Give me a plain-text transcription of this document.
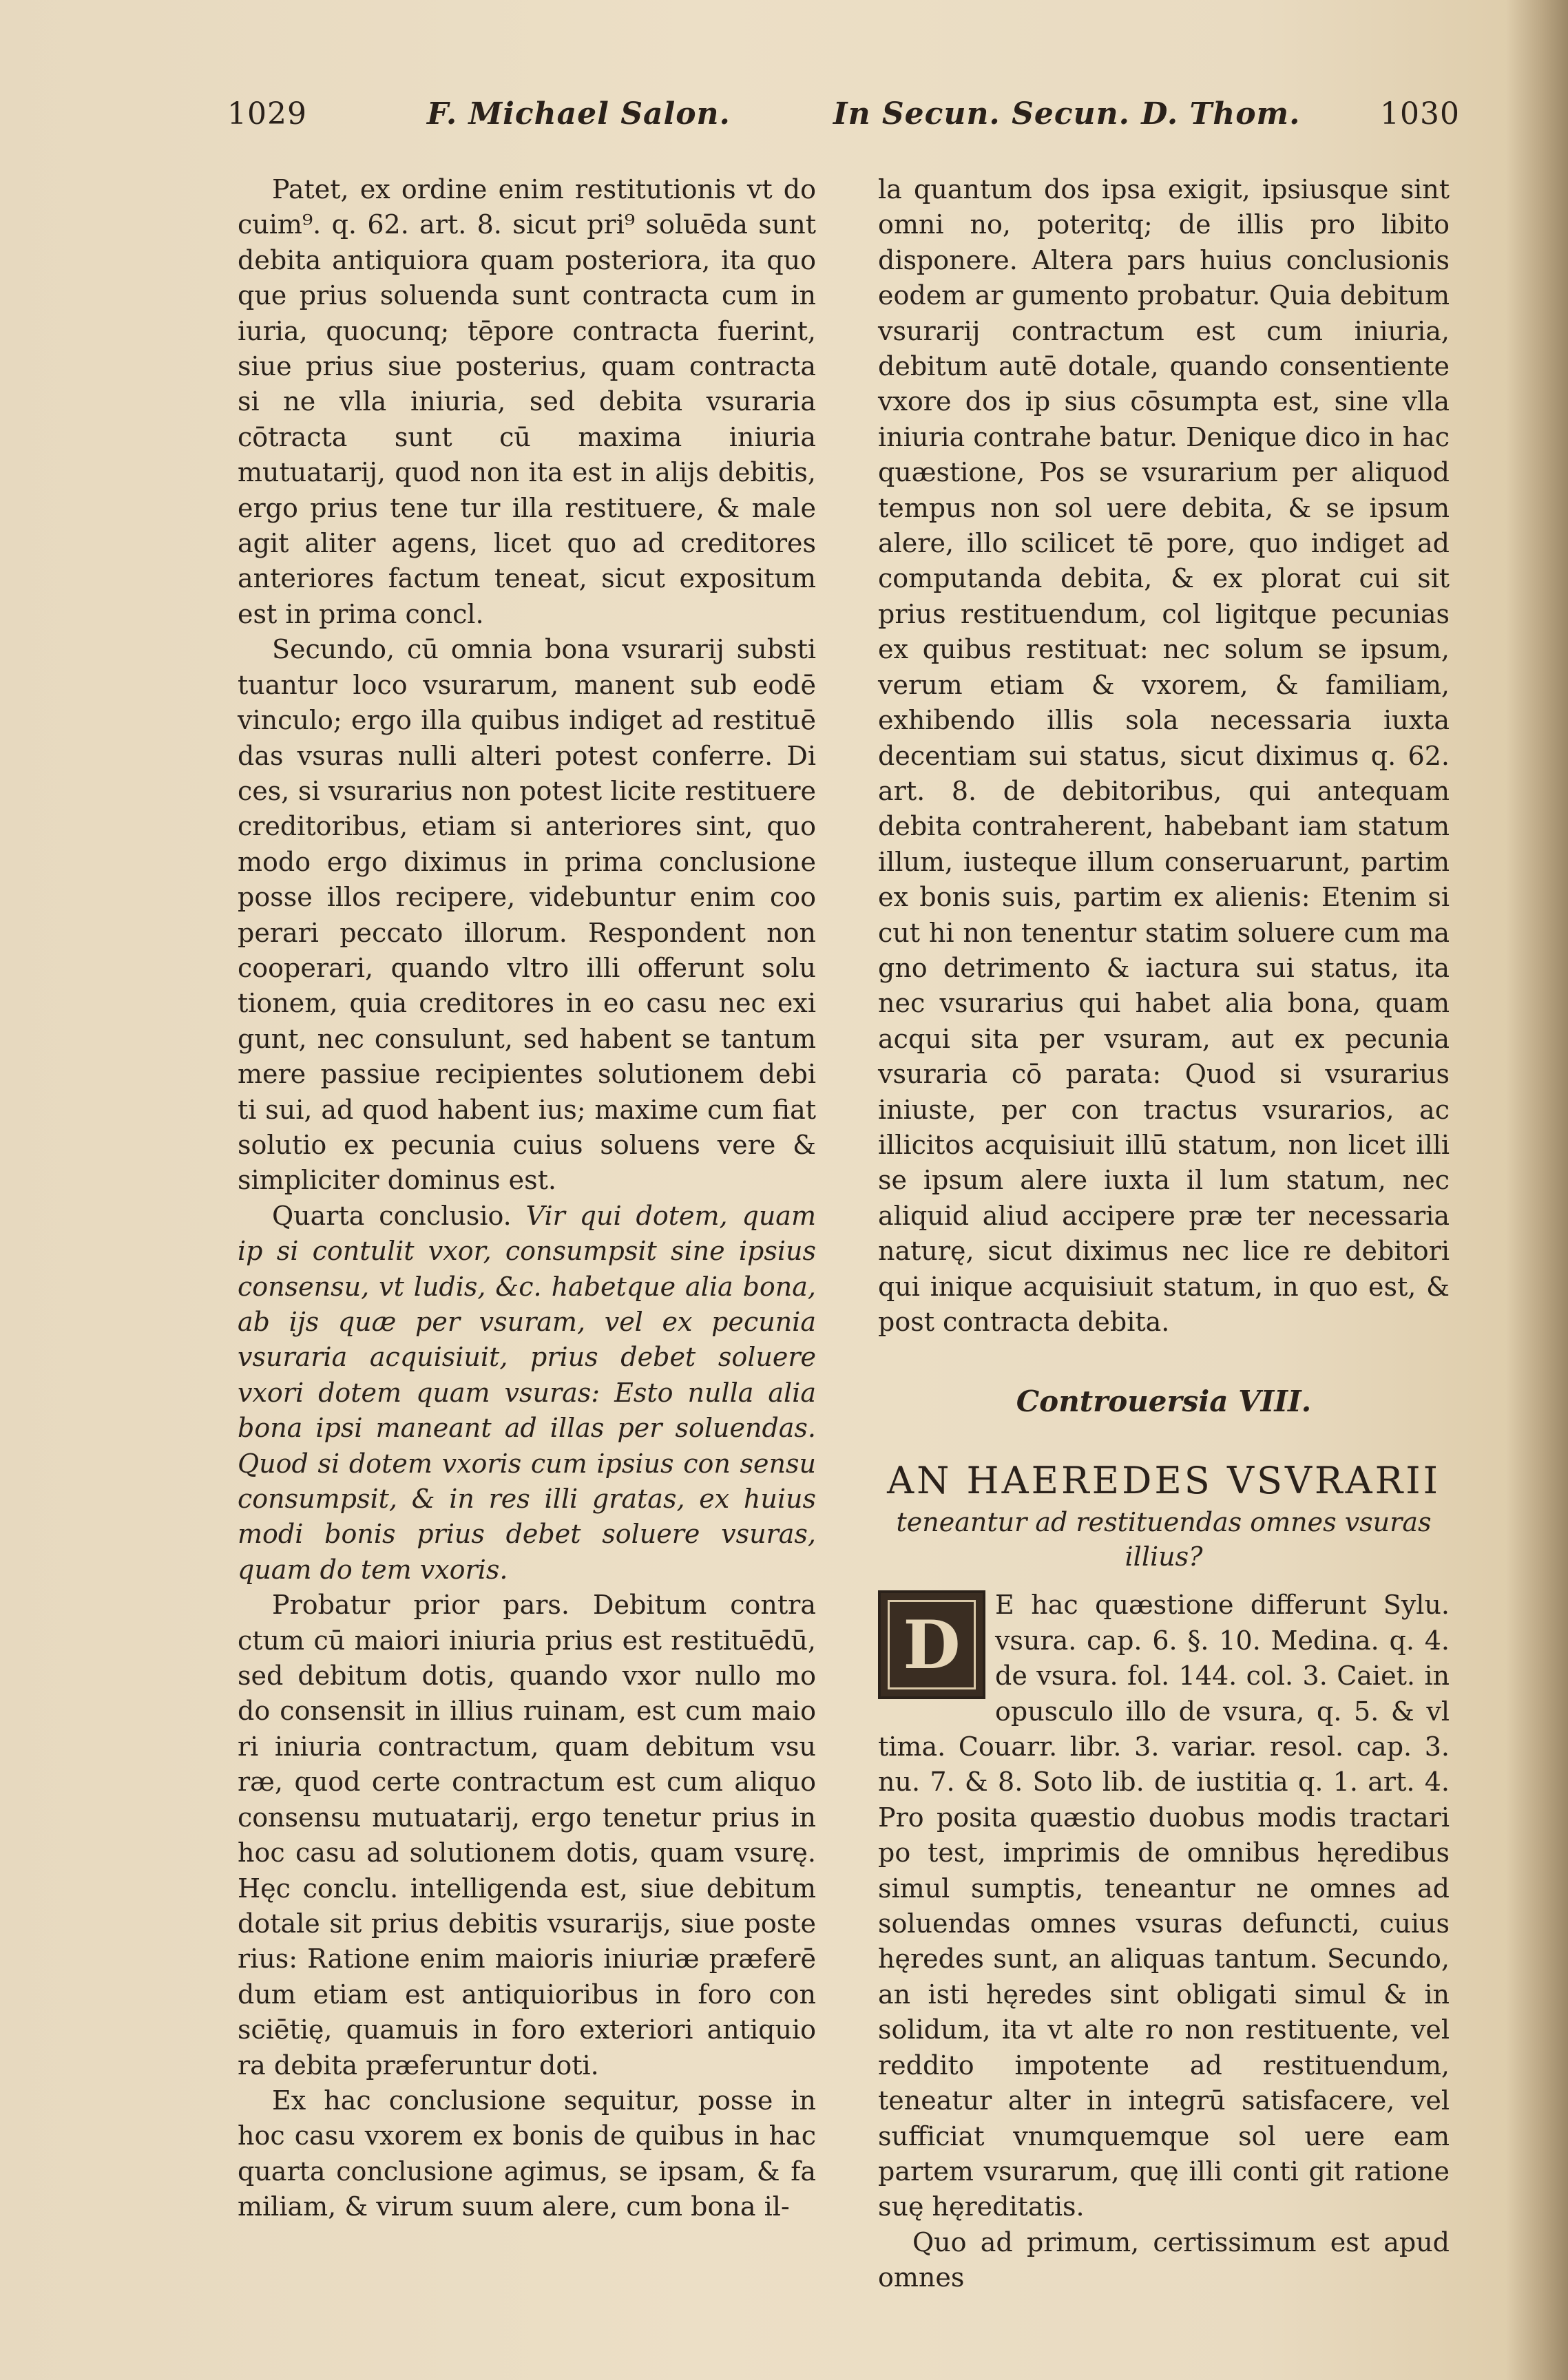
1029	F. Michael Salon.	In Secun. Secun. D. Thom.	1030

Patet, ex ordine enim restitutionis vt do cuim⁹. q. 62. art. 8. sicut pri⁹ soluēda sunt debita antiquiora quam posteriora, ita quo que prius soluenda sunt contracta cum in iuria, quocunq; tēpore contracta fuerint, siue prius siue posterius, quam contracta si ne vlla iniuria, sed debita vsuraria cōtracta sunt cū maxima iniuria mutuatarij, quod non ita est in alijs debitis, ergo prius tene tur illa restituere, & male agit aliter agens, licet quo ad creditores anteriores factum teneat, sicut expositum est in prima concl.

Secundo, cū omnia bona vsurarij substi tuantur loco vsurarum, manent sub eodē vinculo; ergo illa quibus indiget ad restituē das vsuras nulli alteri potest conferre. Di ces, si vsurarius non potest licite restituere creditoribus, etiam si anteriores sint, quo modo ergo diximus in prima conclusione posse illos recipere, videbuntur enim coo perari peccato illorum. Respondent non cooperari, quando vltro illi offerunt solu tionem, quia creditores in eo casu nec exi gunt, nec consulunt, sed habent se tantum mere passiue recipientes solutionem debi ti sui, ad quod habent ius; maxime cum fiat solutio ex pecunia cuius soluens vere & simpliciter dominus est.

Quarta conclusio. Vir qui dotem, quam ip si contulit vxor, consumpsit sine ipsius consensu, vt ludis, &c. habetque alia bona, ab ijs quæ per vsuram, vel ex pecunia vsuraria acquisiuit, prius debet soluere vxori dotem quam vsuras: Esto nulla alia bona ipsi maneant ad illas per soluendas. Quod si dotem vxoris cum ipsius con sensu consumpsit, & in res illi gratas, ex huius modi bonis prius debet soluere vsuras, quam do tem vxoris.

Probatur prior pars. Debitum contra ctum cū maiori iniuria prius est restituēdū, sed debitum dotis, quando vxor nullo mo do consensit in illius ruinam, est cum maio ri iniuria contractum, quam debitum vsu ræ, quod certe contractum est cum aliquo consensu mutuatarij, ergo tenetur prius in hoc casu ad solutionem dotis, quam vsurę. Hęc conclu. intelligenda est, siue debitum dotale sit prius debitis vsurarijs, siue poste rius: Ratione enim maioris iniuriæ præferē dum etiam est antiquioribus in foro con sciētię, quamuis in foro exteriori antiquio ra debita præferuntur doti.

Ex hac conclusione sequitur, posse in hoc casu vxorem ex bonis de quibus in hac quarta conclusione agimus, se ipsam, & fa miliam, & virum suum alere, cum bona il-

la quantum dos ipsa exigit, ipsiusque sint omni no, poteritq; de illis pro libito disponere. Altera pars huius conclusionis eodem ar gumento probatur. Quia debitum vsurarij contractum est cum iniuria, debitum autē dotale, quando consentiente vxore dos ip sius cōsumpta est, sine vlla iniuria contrahe batur. Denique dico in hac quæstione, Pos se vsurarium per aliquod tempus non sol uere debita, & se ipsum alere, illo scilicet tē pore, quo indiget ad computanda debita, & ex plorat cui sit prius restituendum, col ligitque pecunias ex quibus restituat: nec solum se ipsum, verum etiam & vxorem, & familiam, exhibendo illis sola necessaria iuxta decentiam sui status, sicut diximus q. 62. art. 8. de debitoribus, qui antequam debita contraherent, habebant iam statum illum, iusteque illum conseruarunt, partim ex bonis suis, partim ex alienis: Etenim si cut hi non tenentur statim soluere cum ma gno detrimento & iactura sui status, ita nec vsurarius qui habet alia bona, quam acqui sita per vsuram, aut ex pecunia vsuraria cō parata: Quod si vsurarius iniuste, per con tractus vsurarios, ac illicitos acquisiuit illū statum, non licet illi se ipsum alere iuxta il lum statum, nec aliquid aliud accipere præ ter necessaria naturę, sicut diximus nec lice re debitori qui inique acquisiuit statum, in quo est, & post contracta debita.

Controuersia VIII.
AN HAEREDES VSVRARII
teneantur ad restituendas omnes vsuras illius?

D
E hac quæstione differunt Sylu. vsura. cap. 6. §. 10. Medina. q. 4. de vsura. fol. 144. col. 3. Caiet. in opusculo illo de vsura, q. 5. & vl tima. Couarr. libr. 3. variar. resol. cap. 3. nu. 7. & 8. Soto lib. de iustitia q. 1. art. 4. Pro posita quæstio duobus modis tractari po test, imprimis de omnibus hęredibus simul sumptis, teneantur ne omnes ad soluendas omnes vsuras defuncti, cuius hęredes sunt, an aliquas tantum. Secundo, an isti hęredes sint obligati simul & in solidum, ita vt alte ro non restituente, vel reddito impotente ad restituendum, teneatur alter in integrū satisfacere, vel sufficiat vnumquemque sol uere eam partem vsurarum, quę illi conti git ratione suę hęreditatis.

Quo ad primum, certissimum est apud omnes
